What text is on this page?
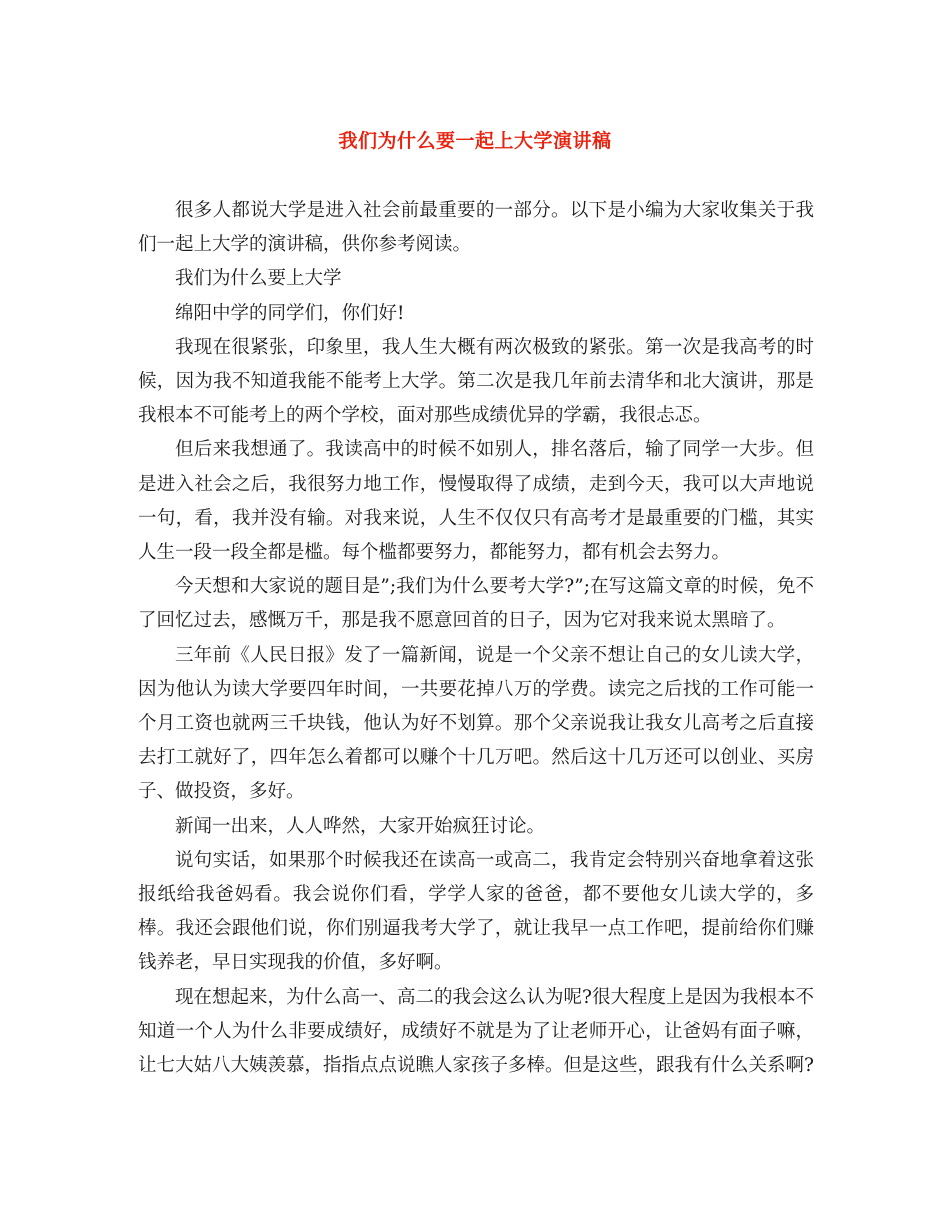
我们为什么要一起上大学演讲稿

很多人都说大学是进入社会前最重要的一部分。以下是小编为大家收集关于我们一起上大学的演讲稿，供你参考阅读。

我们为什么要上大学

绵阳中学的同学们，你们好!

我现在很紧张，印象里，我人生大概有两次极致的紧张。第一次是我高考的时候，因为我不知道我能不能考上大学。第二次是我几年前去清华和北大演讲，那是我根本不可能考上的两个学校，面对那些成绩优异的学霸，我很忐忑。

但后来我想通了。我读高中的时候不如别人，排名落后，输了同学一大步。但是进入社会之后，我很努力地工作，慢慢取得了成绩，走到今天，我可以大声地说一句，看，我并没有输。对我来说，人生不仅仅只有高考才是最重要的门槛，其实人生一段一段全都是槛。每个槛都要努力，都能努力，都有机会去努力。

今天想和大家说的题目是”;我们为什么要考大学?”;在写这篇文章的时候，免不了回忆过去，感慨万千，那是我不愿意回首的日子，因为它对我来说太黑暗了。

三年前《人民日报》发了一篇新闻，说是一个父亲不想让自己的女儿读大学，因为他认为读大学要四年时间，一共要花掉八万的学费。读完之后找的工作可能一个月工资也就两三千块钱，他认为好不划算。那个父亲说我让我女儿高考之后直接去打工就好了，四年怎么着都可以赚个十几万吧。然后这十几万还可以创业、买房子、做投资，多好。

新闻一出来，人人哗然，大家开始疯狂讨论。

说句实话，如果那个时候我还在读高一或高二，我肯定会特别兴奋地拿着这张报纸给我爸妈看。我会说你们看，学学人家的爸爸，都不要他女儿读大学的，多棒。我还会跟他们说，你们别逼我考大学了，就让我早一点工作吧，提前给你们赚钱养老，早日实现我的价值，多好啊。

现在想起来，为什么高一、高二的我会这么认为呢?很大程度上是因为我根本不知道一个人为什么非要成绩好，成绩好不就是为了让老师开心，让爸妈有面子嘛，让七大姑八大姨羡慕，指指点点说瞧人家孩子多棒。但是这些，跟我有什么关系啊?
